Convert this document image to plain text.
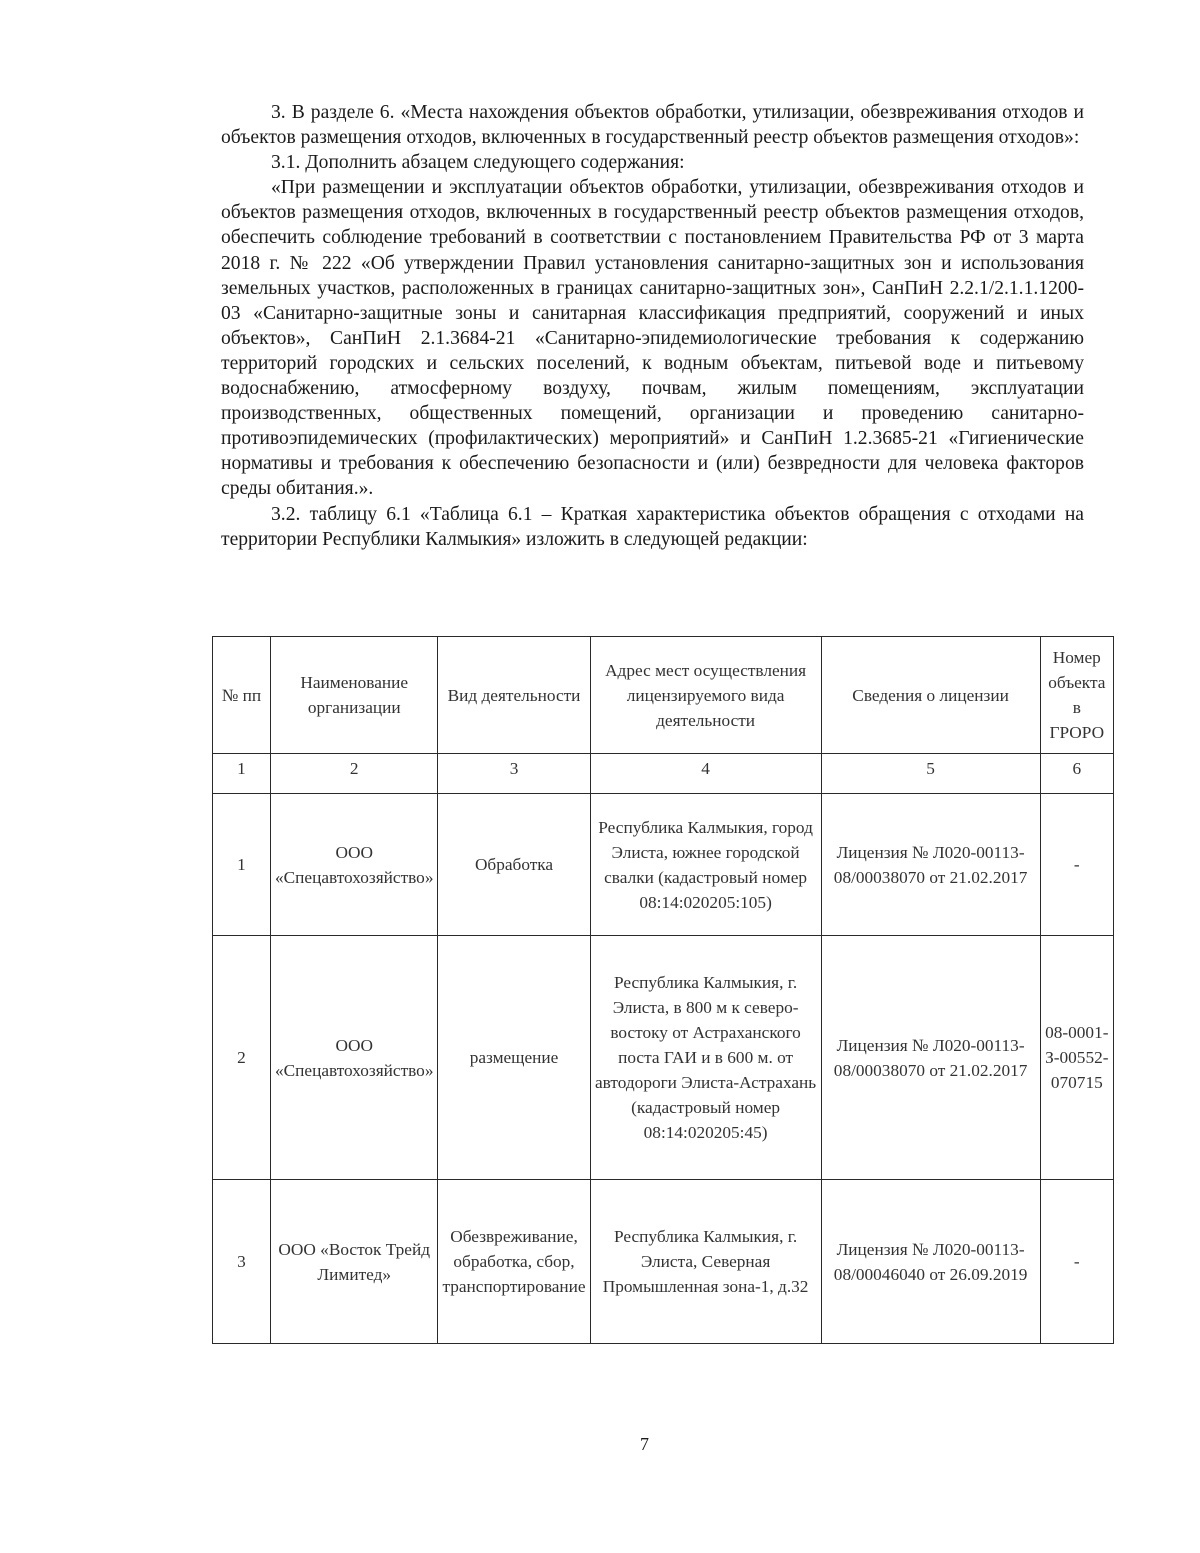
3. В разделе 6. «Места нахождения объектов обработки, утилизации, обезвреживания отходов и объектов размещения отходов, включенных в государственный реестр объектов размещения отходов»:

3.1. Дополнить абзацем следующего содержания:

«При размещении и эксплуатации объектов обработки, утилизации, обезвреживания отходов и объектов размещения отходов, включенных в государственный реестр объектов размещения отходов, обеспечить соблюдение требований в соответствии с постановлением Правительства РФ от 3 марта 2018 г. № 222 «Об утверждении Правил установления санитарно-защитных зон и использования земельных участков, расположенных в границах санитарно-защитных зон», СанПиН 2.2.1/2.1.1.1200-03 «Санитарно-защитные зоны и санитарная классификация предприятий, сооружений и иных объектов», СанПиН 2.1.3684-21 «Санитарно-эпидемиологические требования к содержанию территорий городских и сельских поселений, к водным объектам, питьевой воде и питьевому водоснабжению, атмосферному воздуху, почвам, жилым помещениям, эксплуатации производственных, общественных помещений, организации и проведению санитарно-противоэпидемических (профилактических) мероприятий» и СанПиН 1.2.3685-21 «Гигиенические нормативы и требования к обеспечению безопасности и (или) безвредности для человека факторов среды обитания.».

3.2. таблицу 6.1 «Таблица 6.1 – Краткая характеристика объектов обращения с отходами на территории Республики Калмыкия» изложить в следующей редакции:

№ пп	Наименование организации	Вид деятельности	Адрес мест осуществления лицензируемого вида деятельности	Сведения о лицензии	Номер объекта в ГРОРО
1	2	3	4	5	6
1	ООО «Спецавтохозяйство»	Обработка	Республика Калмыкия, город Элиста, южнее городской свалки (кадастровый номер 08:14:020205:105)	Лицензия № Л020-00113-08/00038070 от 21.02.2017	-
2	ООО «Спецавтохозяйство»	размещение	Республика Калмыкия, г. Элиста, в 800 м к северо-востоку от Астраханского поста ГАИ и в 600 м. от автодороги Элиста-Астрахань (кадастровый номер 08:14:020205:45)	Лицензия № Л020-00113-08/00038070 от 21.02.2017	08-0001-З-00552-070715
3	ООО «Восток Трейд Лимитед»	Обезвреживание, обработка, сбор, транспортирование	Республика Калмыкия, г. Элиста, Северная Промышленная зона-1, д.32	Лицензия № Л020-00113-08/00046040 от 26.09.2019	-
7
